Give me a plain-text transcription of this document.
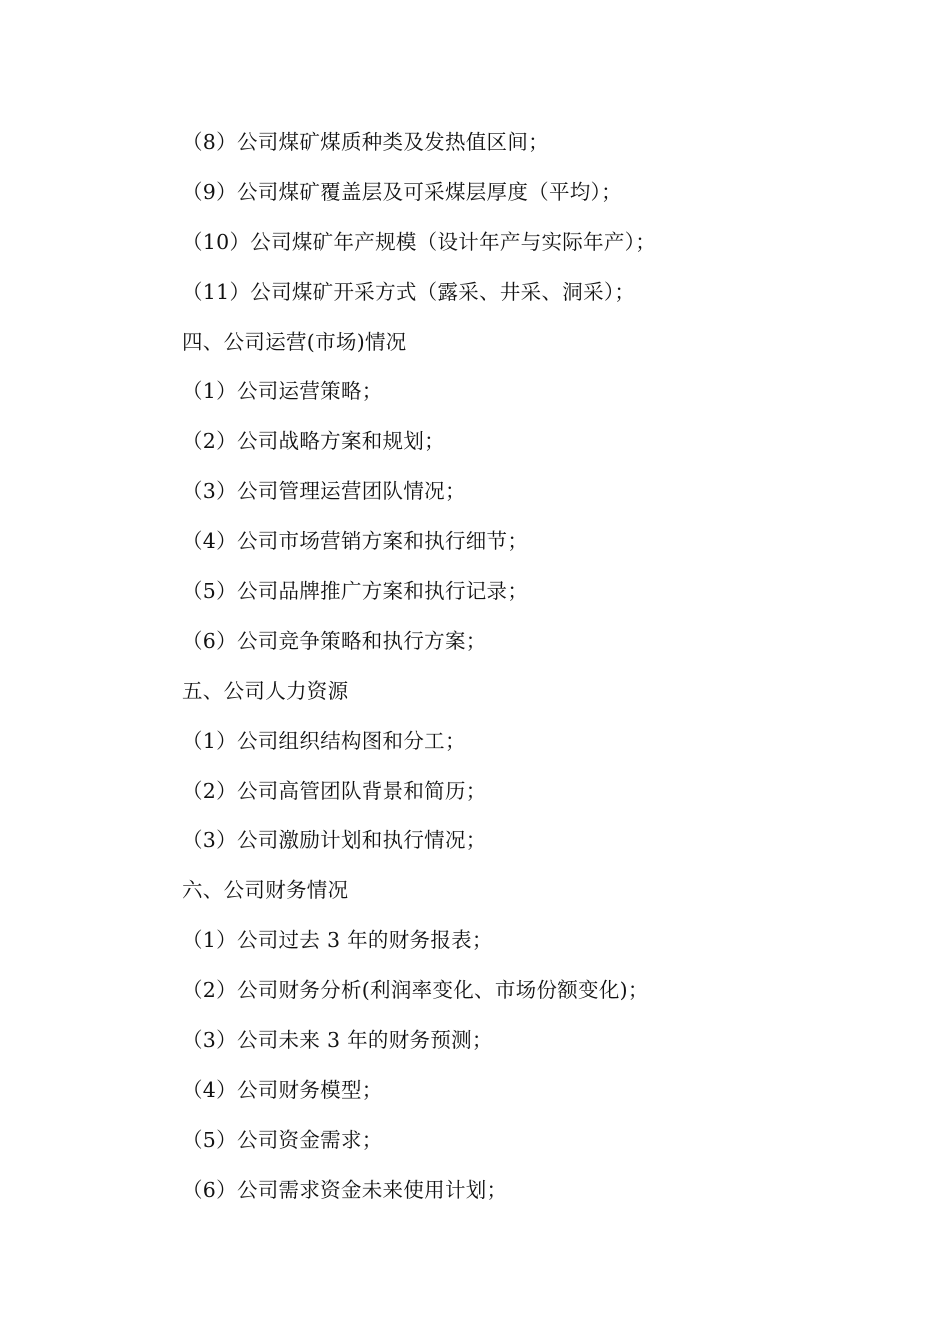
（8）公司煤矿煤质种类及发热值区间；
（9）公司煤矿覆盖层及可采煤层厚度（平均）；
（10）公司煤矿年产规模（设计年产与实际年产）；
（11）公司煤矿开采方式（露采、井采、洞采）；
四、公司运营(市场)情况
（1）公司运营策略；
（2）公司战略方案和规划；
（3）公司管理运营团队情况；
（4）公司市场营销方案和执行细节；
（5）公司品牌推广方案和执行记录；
（6）公司竞争策略和执行方案；
五、公司人力资源
（1）公司组织结构图和分工；
（2）公司高管团队背景和简历；
（3）公司激励计划和执行情况；
六、公司财务情况
（1）公司过去 3 年的财务报表；
（2）公司财务分析(利润率变化、市场份额变化)；
（3）公司未来 3 年的财务预测；
（4）公司财务模型；
（5）公司资金需求；
（6）公司需求资金未来使用计划；
